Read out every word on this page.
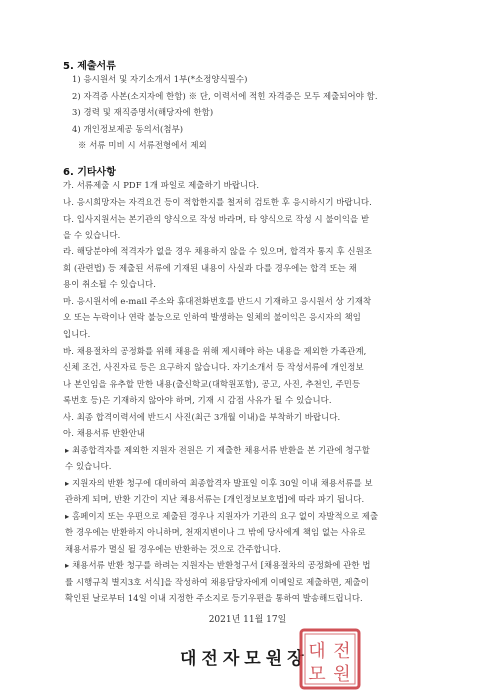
5. 제출서류
1) 응시원서 및 자기소개서 1부(*소정양식필수)
2) 자격증 사본(소지자에 한함) ※ 단, 이력서에 적힌 자격증은 모두 제출되어야 함.
3) 경력 및 재직증명서(해당자에 한함)
4) 개인정보제공 동의서(첨부)
※ 서류 미비 시 서류전형에서 제외
6. 기타사항
가. 서류제출 시 PDF 1개 파일로 제출하기 바랍니다.
나. 응시희망자는 자격요건 등이 적합한지를 철저히 검토한 후 응시하시기 바랍니다.
다. 입사지원서는 본기관의 양식으로 작성 바라며, 타 양식으로 작성 시 불이익을 받
을 수 있습니다.
라. 해당분야에 적격자가 없을 경우 채용하지 않을 수 있으며, 합격자 통지 후 신원조
회 (관련법) 등 제출된 서류에 기재된 내용이 사실과 다를 경우에는 합격 또는 채
용이 취소될 수 있습니다.
마. 응시원서에 e-mail 주소와 휴대전화번호를 반드시 기재하고 응시원서 상 기재착
오 또는 누락이나 연락 불능으로 인하여 발생하는 일체의 불이익은 응시자의 책임
입니다.
바. 채용절차의 공정화를 위해 채용을 위해 제시해야 하는 내용을 제외한 가족관계,
신체 조건, 사진자료 등은 요구하지 않습니다. 자기소개서 등 작성서류에 개인정보
나 본인임을 유추할 만한 내용(출신학교(대학원포함), 공고, 사진, 추천인, 주민등
록번호 등)은 기재하지 않아야 하며, 기재 시 감점 사유가 될 수 있습니다.
사. 최종 합격이력서에 반드시 사진(최근 3개월 이내)을 부착하기 바랍니다.
아. 채용서류 반환안내
▸ 최종합격자를 제외한 지원자 전원은 기 제출한 채용서류 반환을 본 기관에 청구할
수 있습니다.
▸ 지원자의 반환 청구에 대비하여 최종합격자 발표일 이후 30일 이내 채용서류를 보
관하게 되며, 반환 기간이 지난 채용서류는 [개인정보보호법]에 따라 파기 됩니다.
▸ 홈페이지 또는 우편으로 제출된 경우나 지원자가 기관의 요구 없이 자발적으로 제출
한 경우에는 반환하지 아니하며, 천재지변이나 그 밖에 당사에게 책임 없는 사유로
채용서류가 멸실 될 경우에는 반환하는 것으로 간주합니다.
▸ 채용서류 반환 청구를 하려는 지원자는 반환청구서 [채용절차의 공정화에 관한 법
률 시행규칙 별지3호 서식]을 작성하여 채용담당자에게 이메일로 제출하면, 제출이
확인된 날로부터 14일 이내 지정한 주소지로 등기우편을 통하여 발송해드립니다.
2021년 11월 17일
대전자모원장 대 전
모 원
